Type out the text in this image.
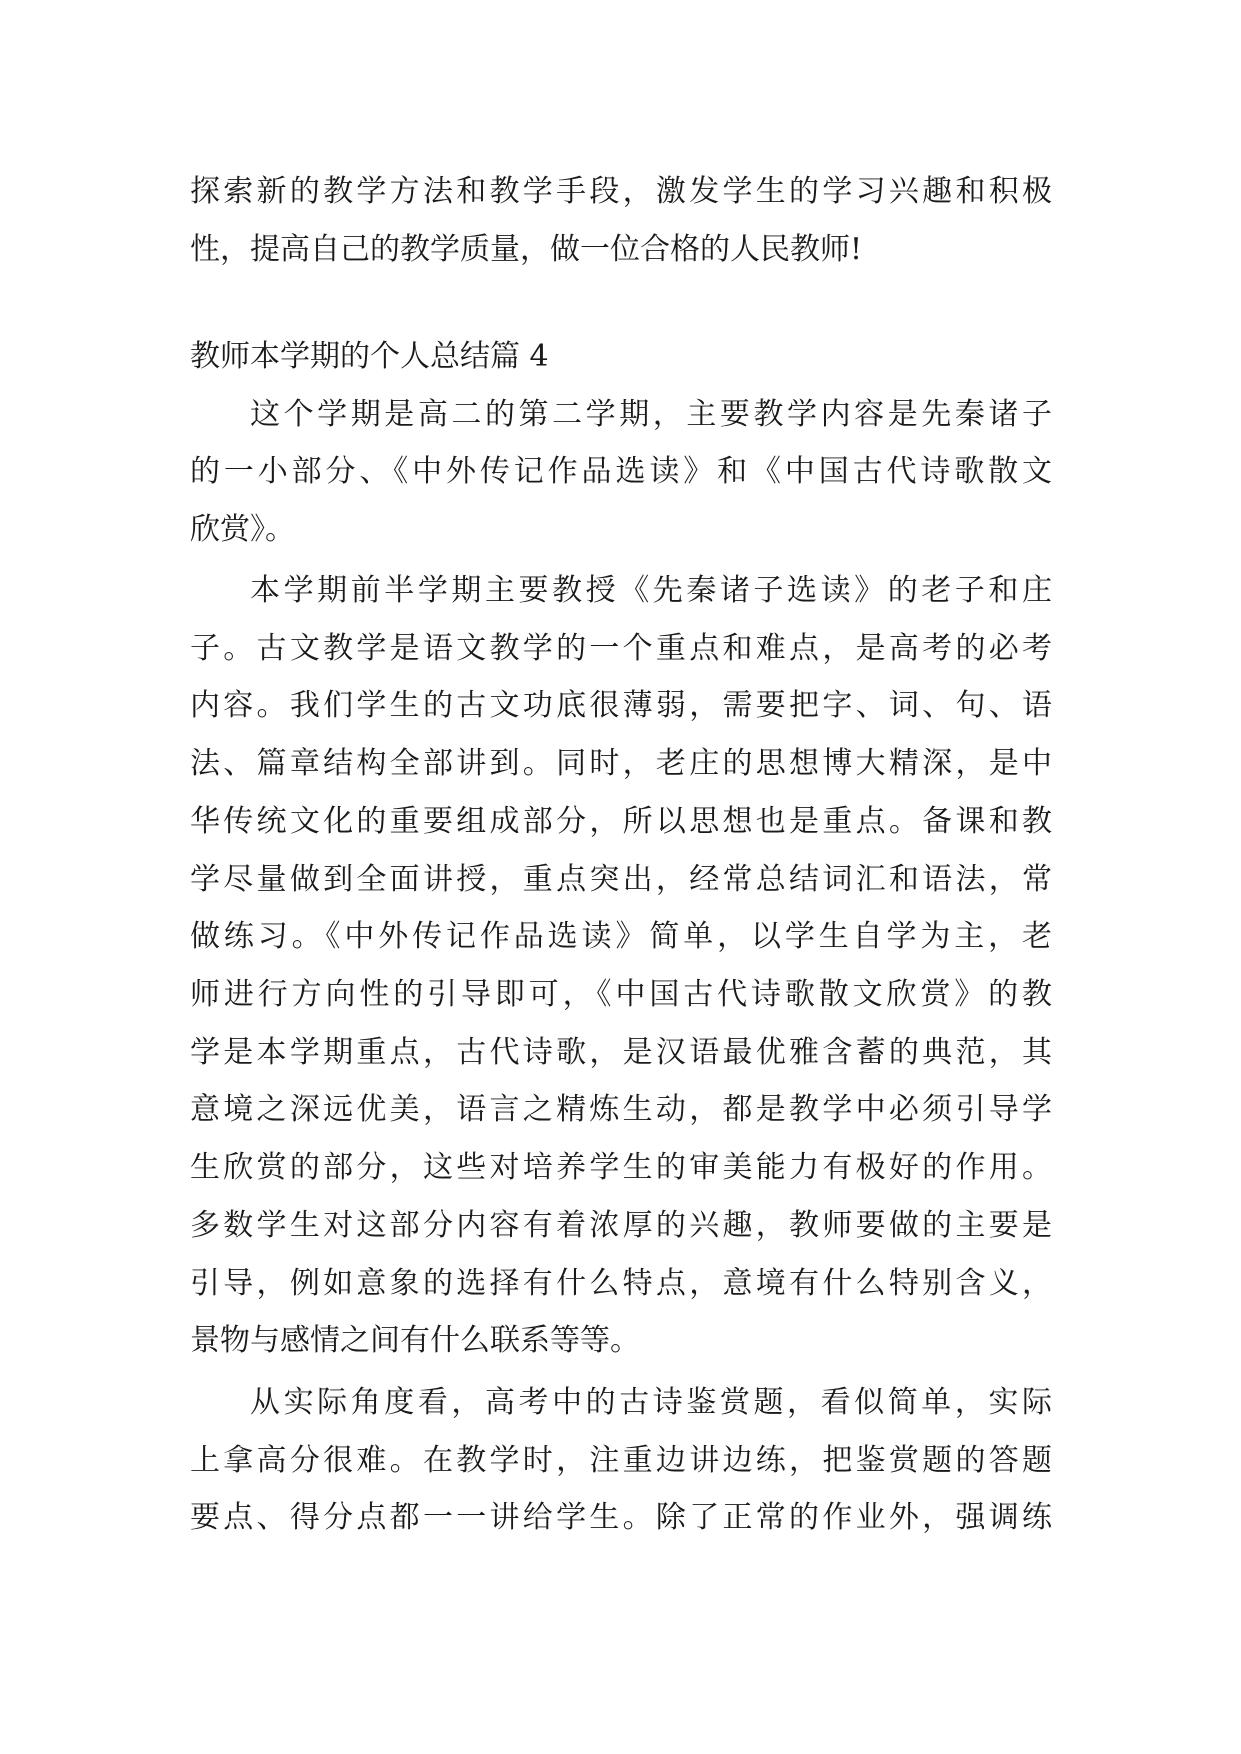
探索新的教学方法和教学手段，激发学生的学习兴趣和积极
性，提高自己的教学质量，做一位合格的人民教师!
教师本学期的个人总结篇 4
这个学期是高二的第二学期，主要教学内容是先秦诸子
的一小部分、《中外传记作品选读》和《中国古代诗歌散文
欣赏》。
本学期前半学期主要教授《先秦诸子选读》的老子和庄
子。古文教学是语文教学的一个重点和难点，是高考的必考
内容。我们学生的古文功底很薄弱，需要把字、词、句、语
法、篇章结构全部讲到。同时，老庄的思想博大精深，是中
华传统文化的重要组成部分，所以思想也是重点。备课和教
学尽量做到全面讲授，重点突出，经常总结词汇和语法，常
做练习。《中外传记作品选读》简单，以学生自学为主，老
师进行方向性的引导即可，《中国古代诗歌散文欣赏》的教
学是本学期重点，古代诗歌，是汉语最优雅含蓄的典范，其
意境之深远优美，语言之精炼生动，都是教学中必须引导学
生欣赏的部分，这些对培养学生的审美能力有极好的作用。
多数学生对这部分内容有着浓厚的兴趣，教师要做的主要是
引导，例如意象的选择有什么特点，意境有什么特别含义，
景物与感情之间有什么联系等等。
从实际角度看，高考中的古诗鉴赏题，看似简单，实际
上拿高分很难。在教学时，注重边讲边练，把鉴赏题的答题
要点、得分点都一一讲给学生。除了正常的作业外，强调练
